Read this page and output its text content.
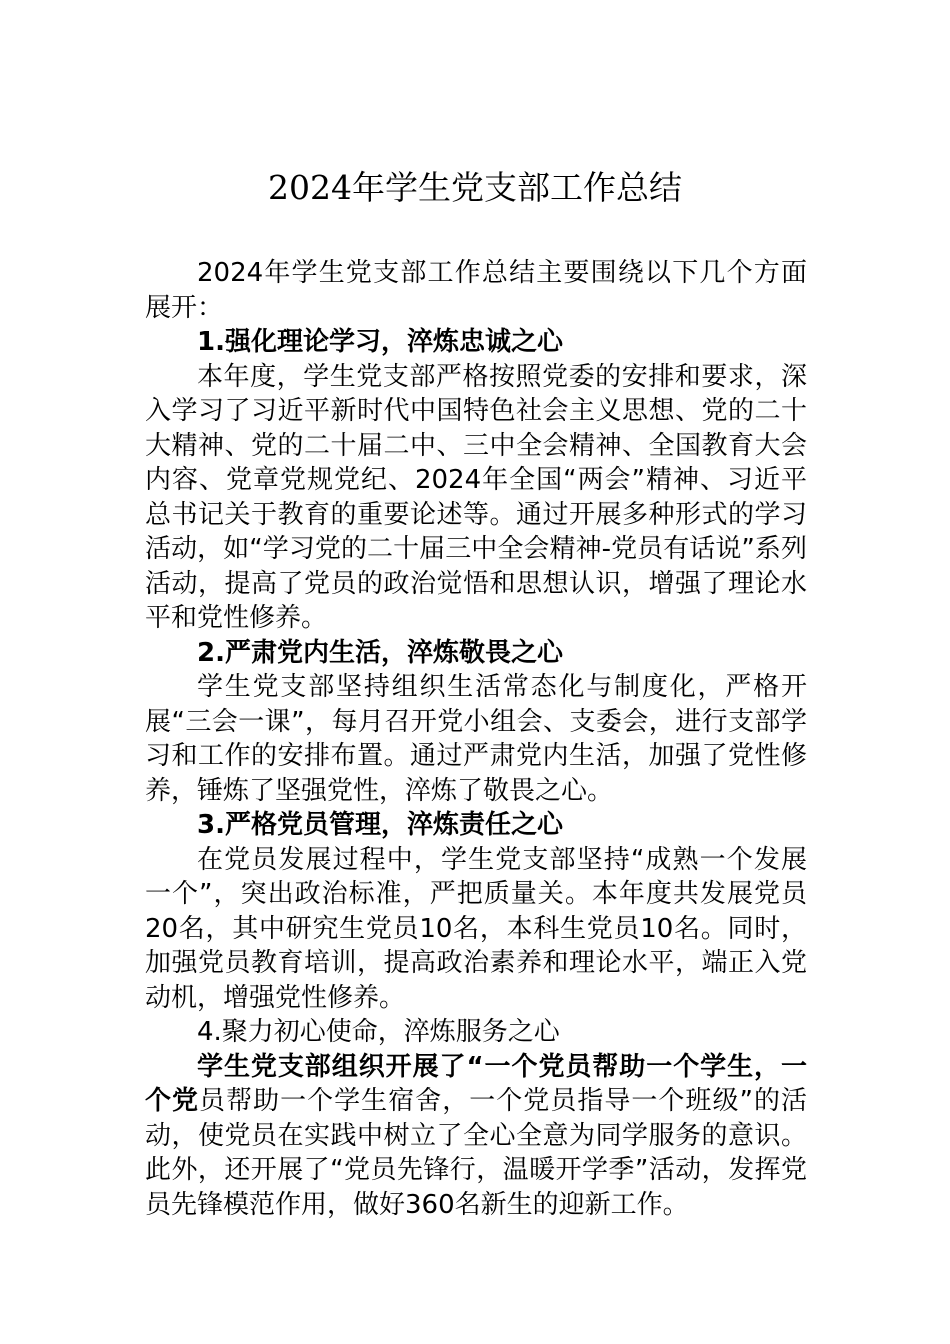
2024年学生党支部工作总结

2024年学生党支部工作总结主要围绕以下几个方面展开：

1.强化理论学习，淬炼忠诚之心

本年度，学生党支部严格按照党委的安排和要求，深入学习了习近平新时代中国特色社会主义思想、党的二十大精神、党的二十届二中、三中全会精神、全国教育大会内容、党章党规党纪、2024年全国“两会”精神、习近平总书记关于教育的重要论述等。通过开展多种形式的学习活动，如“学习党的二十届三中全会精神-党员有话说”系列活动，提高了党员的政治觉悟和思想认识，增强了理论水平和党性修养。

2.严肃党内生活，淬炼敬畏之心

学生党支部坚持组织生活常态化与制度化，严格开展“三会一课”，每月召开党小组会、支委会，进行支部学习和工作的安排布置。通过严肃党内生活，加强了党性修养，锤炼了坚强党性，淬炼了敬畏之心。

3.严格党员管理，淬炼责任之心

在党员发展过程中，学生党支部坚持“成熟一个发展一个”，突出政治标准，严把质量关。本年度共发展党员20名，其中研究生党员10名，本科生党员10名。同时，加强党员教育培训，提高政治素养和理论水平，端正入党动机，增强党性修养。

4.聚力初心使命，淬炼服务之心

学生党支部组织开展了“一个党员帮助一个学生，一个党员帮助一个学生宿舍，一个党员指导一个班级”的活动，使党员在实践中树立了全心全意为同学服务的意识。此外，还开展了“党员先锋行，温暖开学季”活动，发挥党员先锋模范作用，做好360名新生的迎新工作。
